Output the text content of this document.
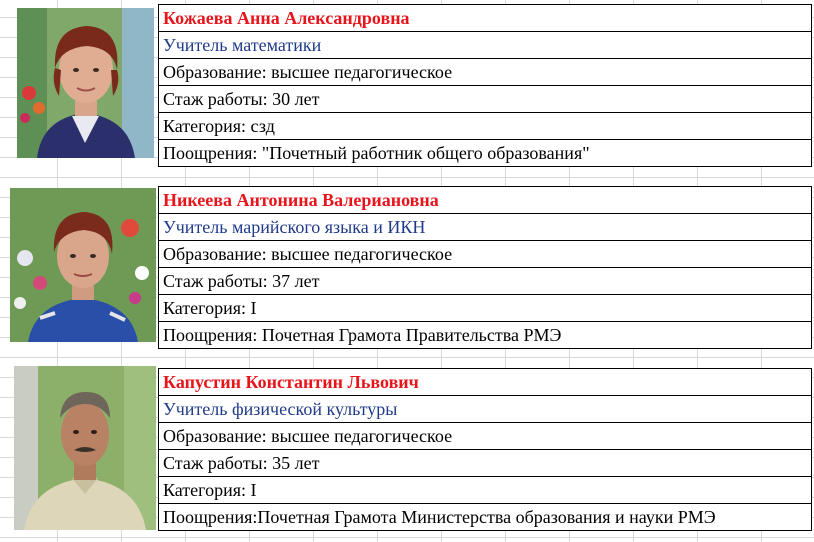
Кожаева Анна Александровна
Учитель математики
Образование: высшее педагогическое
Стаж работы: 30 лет
Категория: сзд
Поощрения: "Почетный работник общего образования"
Никеева Антонина Валериановна
Учитель марийского языка и ИКН
Образование: высшее педагогическое
Стаж работы: 37 лет
Категория: I
Поощрения: Почетная Грамота Правительства РМЭ
Капустин Константин Львович
Учитель физической культуры
Образование: высшее педагогическое
Стаж работы: 35 лет
Категория: I
Поощрения:Почетная Грамота Министерства образования и науки РМЭ
